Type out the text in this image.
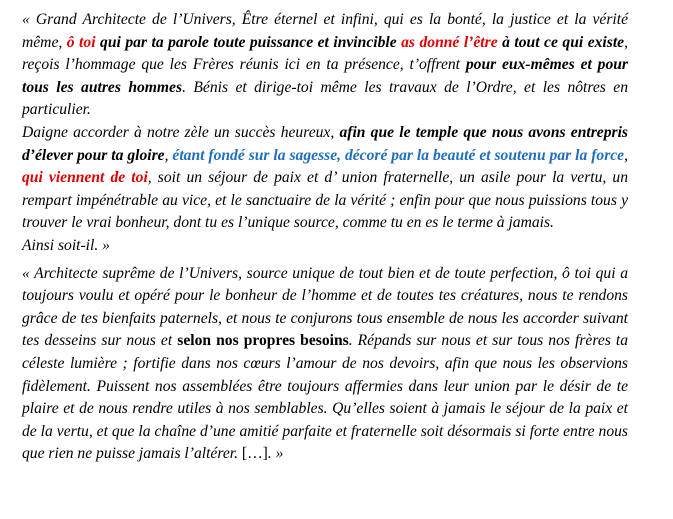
« Grand Architecte de l’Univers, Être éternel et infini, qui es la bonté, la justice et la vérité même, ô toi qui par ta parole toute puissance et invincible as donné l’être à tout ce qui existe, reçois l’hommage que les Frères réunis ici en ta présence, t’offrent pour eux-mêmes et pour tous les autres hommes. Bénis et dirige-toi même les travaux de l’Ordre, et les nôtres en particulier.
Daigne accorder à notre zèle un succès heureux, afin que le temple que nous avons entrepris d’élever pour ta gloire, étant fondé sur la sagesse, décoré par la beauté et soutenu par la force, qui viennent de toi, soit un séjour de paix et d’ union fraternelle, un asile pour la vertu, un rempart impénétrable au vice, et le sanctuaire de la vérité ; enfin pour que nous puissions tous y trouver le vrai bonheur, dont tu es l’unique source, comme tu en es le terme à jamais.
Ainsi soit-il. »
« Architecte suprême de l’Univers, source unique de tout bien et de toute perfection, ô toi qui a toujours voulu et opéré pour le bonheur de l’homme et de toutes tes créatures, nous te rendons grâce de tes bienfaits paternels, et nous te conjurons tous ensemble de nous les accorder suivant tes desseins sur nous et selon nos propres besoins. Répands sur nous et sur tous nos frères ta céleste lumière ; fortifie dans nos cœurs l’amour de nos devoirs, afin que nous les observions fidèlement. Puissent nos assemblées être toujours affermies dans leur union par le désir de te plaire et de nous rendre utiles à nos semblables. Qu’elles soient à jamais le séjour de la paix et de la vertu, et que la chaîne d’une amitié parfaite et fraternelle soit désormais si forte entre nous que rien ne puisse jamais l’altérer. […]. »
